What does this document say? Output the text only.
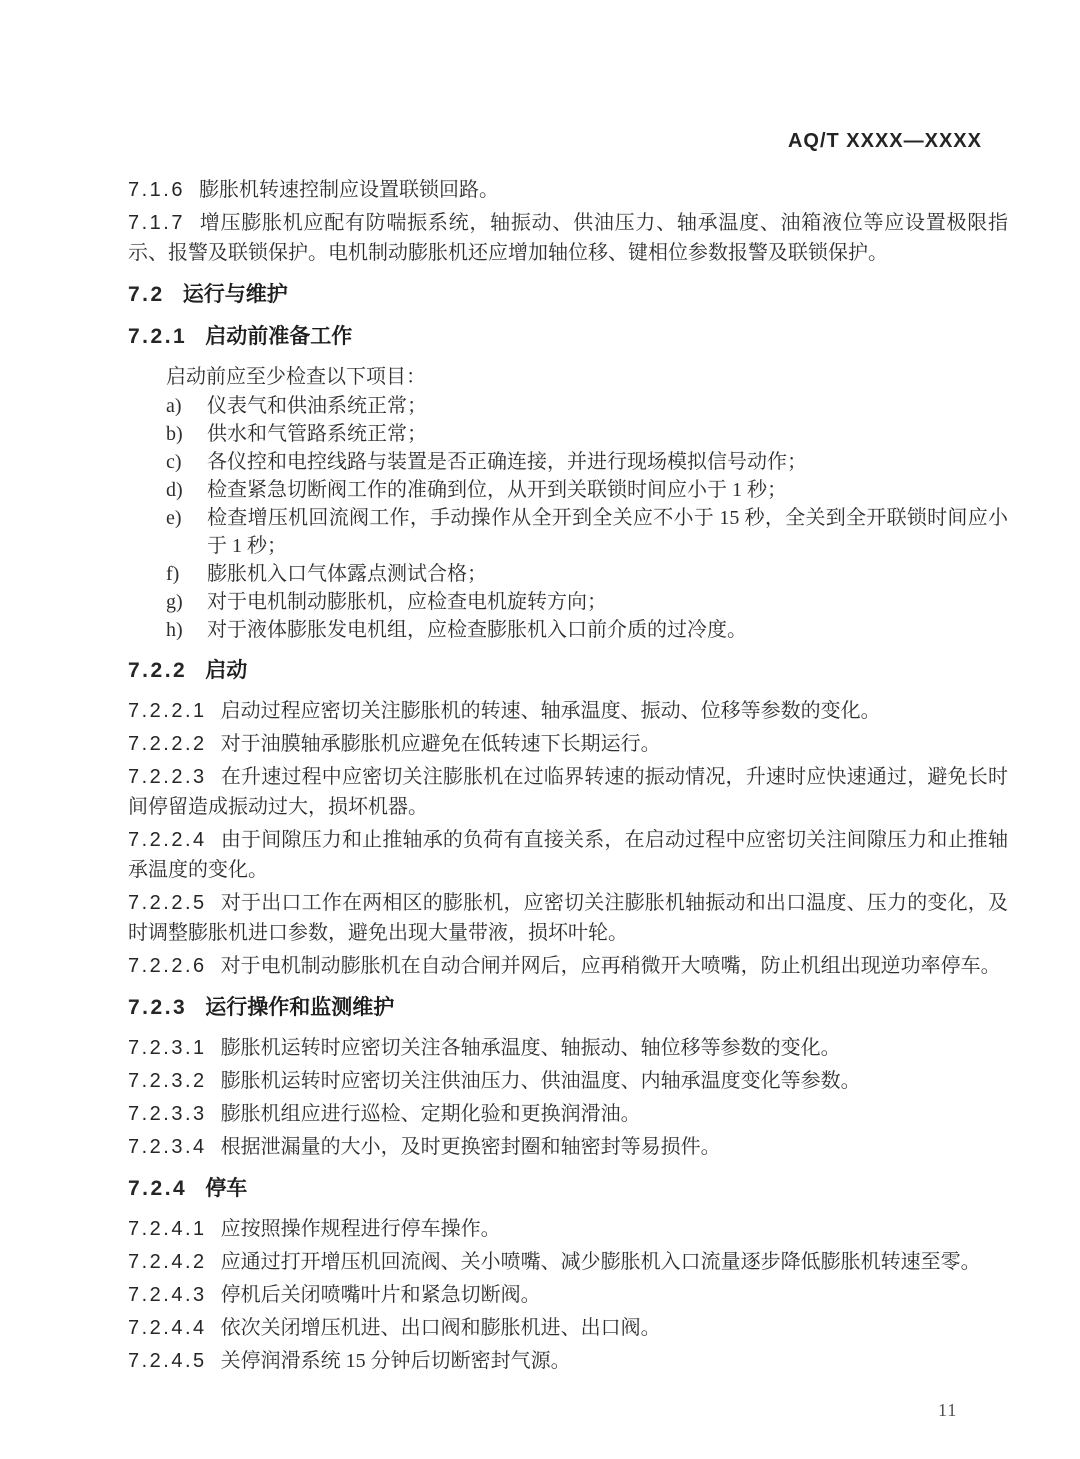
AQ/T XXXX—XXXX

7.1.6 膨胀机转速控制应设置联锁回路。

7.1.7 增压膨胀机应配有防喘振系统，轴振动、供油压力、轴承温度、油箱液位等应设置极限指示、报警及联锁保护。电机制动膨胀机还应增加轴位移、键相位参数报警及联锁保护。

7.2 运行与维护
7.2.1 启动前准备工作

启动前应至少检查以下项目：

a) 仪表气和供油系统正常；
b) 供水和气管路系统正常；
c) 各仪控和电控线路与装置是否正确连接，并进行现场模拟信号动作；
d) 检查紧急切断阀工作的准确到位，从开到关联锁时间应小于 1 秒；
e) 检查增压机回流阀工作，手动操作从全开到全关应不小于 15 秒，全关到全开联锁时间应小于 1 秒；
f) 膨胀机入口气体露点测试合格；
g) 对于电机制动膨胀机，应检查电机旋转方向；
h) 对于液体膨胀发电机组，应检查膨胀机入口前介质的过冷度。
7.2.2 启动

7.2.2.1 启动过程应密切关注膨胀机的转速、轴承温度、振动、位移等参数的变化。

7.2.2.2 对于油膜轴承膨胀机应避免在低转速下长期运行。

7.2.2.3 在升速过程中应密切关注膨胀机在过临界转速的振动情况，升速时应快速通过，避免长时间停留造成振动过大，损坏机器。

7.2.2.4 由于间隙压力和止推轴承的负荷有直接关系，在启动过程中应密切关注间隙压力和止推轴承温度的变化。

7.2.2.5 对于出口工作在两相区的膨胀机，应密切关注膨胀机轴振动和出口温度、压力的变化，及时调整膨胀机进口参数，避免出现大量带液，损坏叶轮。

7.2.2.6 对于电机制动膨胀机在自动合闸并网后，应再稍微开大喷嘴，防止机组出现逆功率停车。

7.2.3 运行操作和监测维护

7.2.3.1 膨胀机运转时应密切关注各轴承温度、轴振动、轴位移等参数的变化。

7.2.3.2 膨胀机运转时应密切关注供油压力、供油温度、内轴承温度变化等参数。

7.2.3.3 膨胀机组应进行巡检、定期化验和更换润滑油。

7.2.3.4 根据泄漏量的大小，及时更换密封圈和轴密封等易损件。

7.2.4 停车

7.2.4.1 应按照操作规程进行停车操作。

7.2.4.2 应通过打开增压机回流阀、关小喷嘴、减少膨胀机入口流量逐步降低膨胀机转速至零。

7.2.4.3 停机后关闭喷嘴叶片和紧急切断阀。

7.2.4.4 依次关闭增压机进、出口阀和膨胀机进、出口阀。

7.2.4.5 关停润滑系统 15 分钟后切断密封气源。

11
